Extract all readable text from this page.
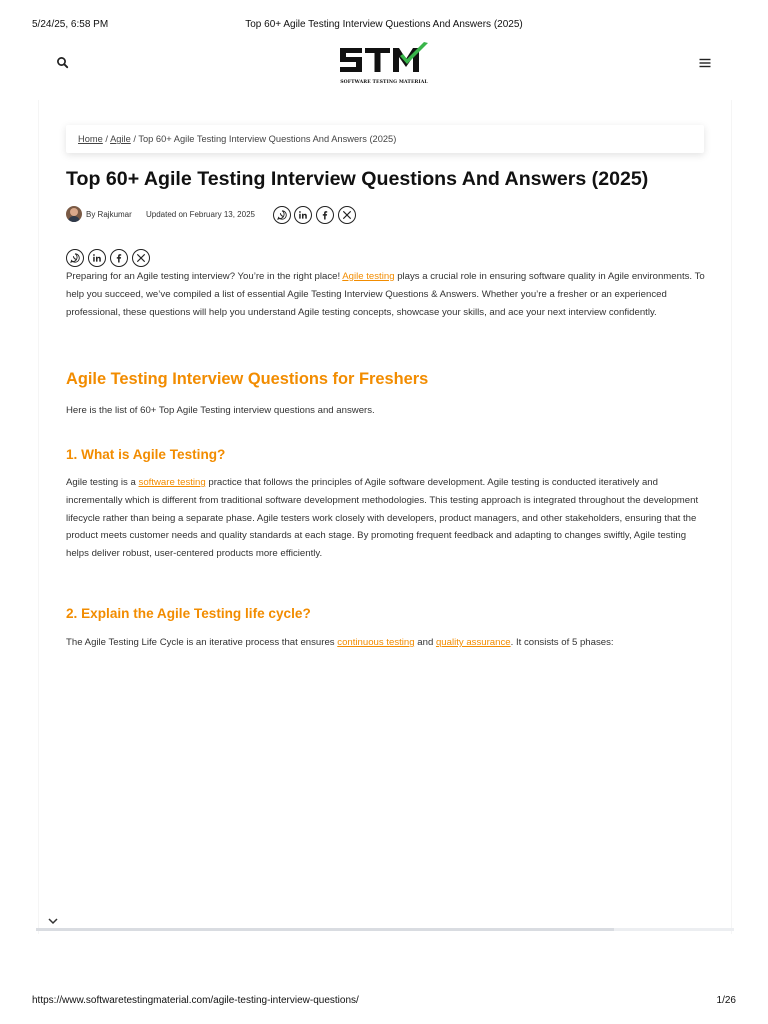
5/24/25, 6:58 PM	Top 60+ Agile Testing Interview Questions And Answers (2025)
SOFTWARE TESTING MATERIAL
Home / Agile / Top 60+ Agile Testing Interview Questions And Answers (2025)
Top 60+ Agile Testing Interview Questions And Answers (2025)
By Rajkumar Updated on February 13, 2025

Preparing for an Agile testing interview? You’re in the right place! Agile testing plays a crucial role in ensuring software quality in Agile environments. To help you succeed, we’ve compiled a list of essential Agile Testing Interview Questions & Answers. Whether you’re a fresher or an experienced professional, these questions will help you understand Agile testing concepts, showcase your skills, and ace your next interview confidently.

Agile Testing Interview Questions for Freshers

Here is the list of 60+ Top Agile Testing interview questions and answers.

1. What is Agile Testing?

Agile testing is a software testing practice that follows the principles of Agile software development. Agile testing is conducted iteratively and incrementally which is different from traditional software development methodologies. This testing approach is integrated throughout the development lifecycle rather than being a separate phase. Agile testers work closely with developers, product managers, and other stakeholders, ensuring that the product meets customer needs and quality standards at each stage. By promoting frequent feedback and adapting to changes swiftly, Agile testing helps deliver robust, user-centered products more efficiently.

2. Explain the Agile Testing life cycle?

The Agile Testing Life Cycle is an iterative process that ensures continuous testing and quality assurance. It consists of 5 phases:

https://www.softwaretestingmaterial.com/agile-testing-interview-questions/	1/26
